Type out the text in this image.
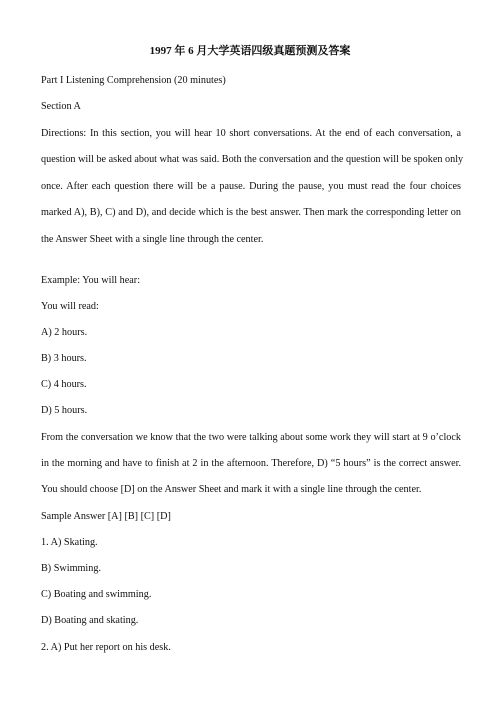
1997 年 6 月大学英语四级真题预测及答案
Part I Listening Comprehension (20 minutes)
Section A
Directions: In this section, you will hear 10 short conversations. At the end of each conversation, a
question will be asked about what was said. Both the conversation and the question will be spoken only
once. After each question there will be a pause. During the pause, you must read the four choices
marked A), B), C) and D), and decide which is the best answer. Then mark the corresponding letter on
the Answer Sheet with a single line through the center.
Example: You will hear:
You will read:
A) 2 hours.
B) 3 hours.
C) 4 hours.
D) 5 hours.
From the conversation we know that the two were talking about some work they will start at 9 o’clock
in the morning and have to finish at 2 in the afternoon. Therefore, D) “5 hours” is the correct answer.
You should choose [D] on the Answer Sheet and mark it with a single line through the center.
Sample Answer [A] [B] [C] [D]
1. A) Skating.
B) Swimming.
C) Boating and swimming.
D) Boating and skating.
2. A) Put her report on his desk.
